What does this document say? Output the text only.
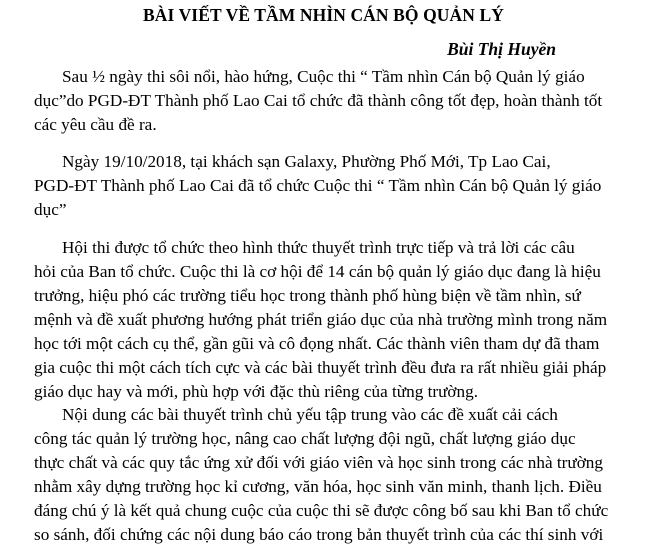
BÀI VIẾT VỀ TẦM NHÌN CÁN BỘ QUẢN LÝ
Bùi Thị Huyền

Sau ½ ngày thi sôi nổi, hào hứng, Cuộc thi “ Tầm nhìn Cán bộ Quản lý giáo
dục”do PGD-ĐT Thành phố Lao Cai tổ chức đã thành công tốt đẹp, hoàn thành tốt
các yêu cầu đề ra.

Ngày 19/10/2018, tại khách sạn Galaxy, Phường Phố Mới, Tp Lao Cai,
PGD-ĐT Thành phố Lao Cai đã tổ chức Cuộc thi “ Tầm nhìn Cán bộ Quản lý giáo
dục”

Hội thi được tổ chức theo hình thức thuyết trình trực tiếp và trả lời các câu
hỏi của Ban tổ chức. Cuộc thi là cơ hội để 14 cán bộ quản lý giáo dục đang là hiệu
trưởng, hiệu phó các trường tiểu học trong thành phố hùng biện về tầm nhìn, sứ
mệnh và đề xuất phương hướng phát triển giáo dục của nhà trường mình trong năm
học tới một cách cụ thể, gần gũi và cô đọng nhất. Các thành viên tham dự đã tham
gia cuộc thi một cách tích cực và các bài thuyết trình đều đưa ra rất nhiều giải pháp
giáo dục hay và mới, phù hợp với đặc thù riêng của từng trường.

Nội dung các bài thuyết trình chủ yếu tập trung vào các đề xuất cải cách
công tác quản lý trường học, nâng cao chất lượng đội ngũ, chất lượng giáo dục
thực chất và các quy tắc ứng xử đối với giáo viên và học sinh trong các nhà trường
nhằm xây dựng trường học kỉ cương, văn hóa, học sinh văn minh, thanh lịch. Điều
đáng chú ý là kết quả chung cuộc của cuộc thi sẽ được công bố sau khi Ban tổ chức
so sánh, đối chứng các nội dung báo cáo trong bản thuyết trình của các thí sinh với
